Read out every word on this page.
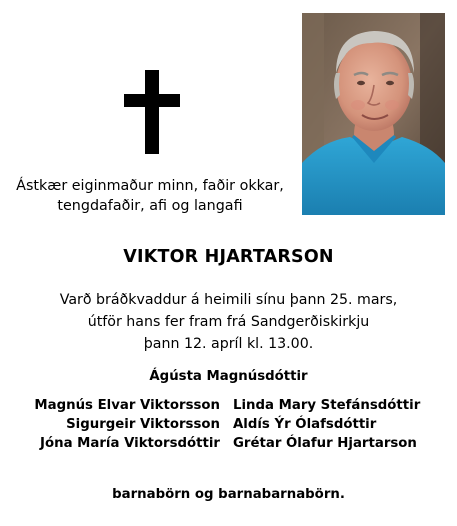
Ástkær eiginmaður minn, faðir okkar,
tengdafaðir, afi og langafi
VIKTOR HJARTARSON
Varð bráðkvaddur á heimili sínu þann 25. mars,
útför hans fer fram frá Sandgerðiskirkju
þann 12. apríl kl. 13.00.
Ágústa Magnúsdóttir
Magnús Elvar Viktorsson
Sigurgeir Viktorsson
Jóna María Viktorsdóttir
Linda Mary Stefánsdóttir
Aldís Ýr Ólafsdóttir
Grétar Ólafur Hjartarson
barnabörn og barnabarnabörn.
